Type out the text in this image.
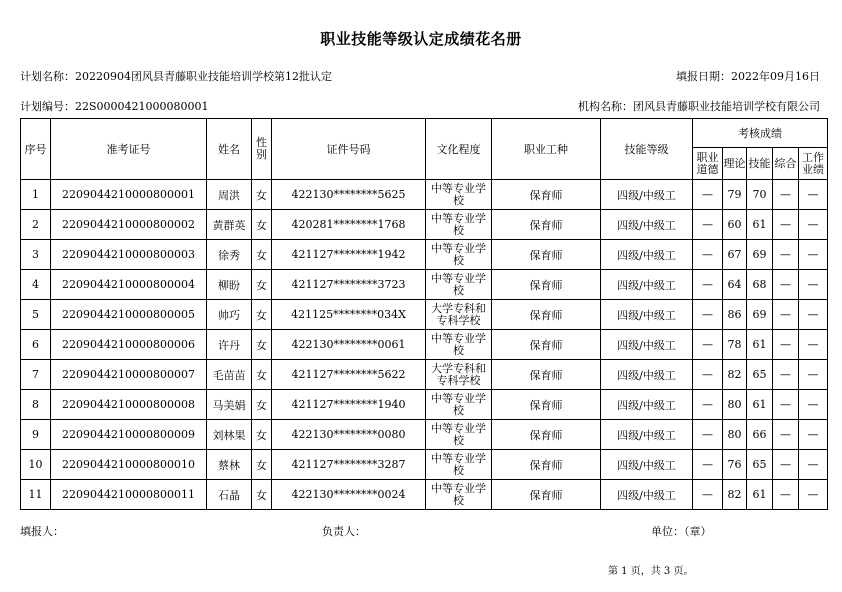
职业技能等级认定成绩花名册
计划名称：20220904团风县青藤职业技能培训学校第12批认定	填报日期：2022年09月16日
计划编号：22S000042100008000​1	机构名称：团风县青藤职业技能培训学校有限公司
序号	准考证号	姓名	性别	证件号码	文化程度	职业工种	技能等级	考核成绩				
								职业道德	理论	技能	综合	工作业绩
1	2209044210000800001	周洪	女	422130********5625	中等专业学校	保育师	四级/中级工	—	79	70	—	—
2	2209044210000800002	黄群英	女	420281********1768	中等专业学校	保育师	四级/中级工	—	60	61	—	—
3	2209044210000800003	徐秀	女	421127********1942	中等专业学校	保育师	四级/中级工	—	67	69	—	—
4	2209044210000800004	柳盼	女	421127********3723	中等专业学校	保育师	四级/中级工	—	64	68	—	—
5	2209044210000800005	帅巧	女	421125********034X	大学专科和专科学校	保育师	四级/中级工	—	86	69	—	—
6	2209044210000800006	许丹	女	422130********0061	中等专业学校	保育师	四级/中级工	—	78	61	—	—
7	2209044210000800007	毛苗苗	女	421127********5622	大学专科和专科学校	保育师	四级/中级工	—	82	65	—	—
8	2209044210000800008	马美娟	女	421127********1940	中等专业学校	保育师	四级/中级工	—	80	61	—	—
9	2209044210000800009	刘林果	女	422130********0080	中等专业学校	保育师	四级/中级工	—	80	66	—	—
10	2209044210000800010	蔡林	女	421127********3287	中等专业学校	保育师	四级/中级工	—	76	65	—	—
11	2209044210000800011	石晶	女	422130********0024	中等专业学校	保育师	四级/中级工	—	82	61	—	—
填报人：	负责人：	单位：（章）
第 1 页，共 3 页。
